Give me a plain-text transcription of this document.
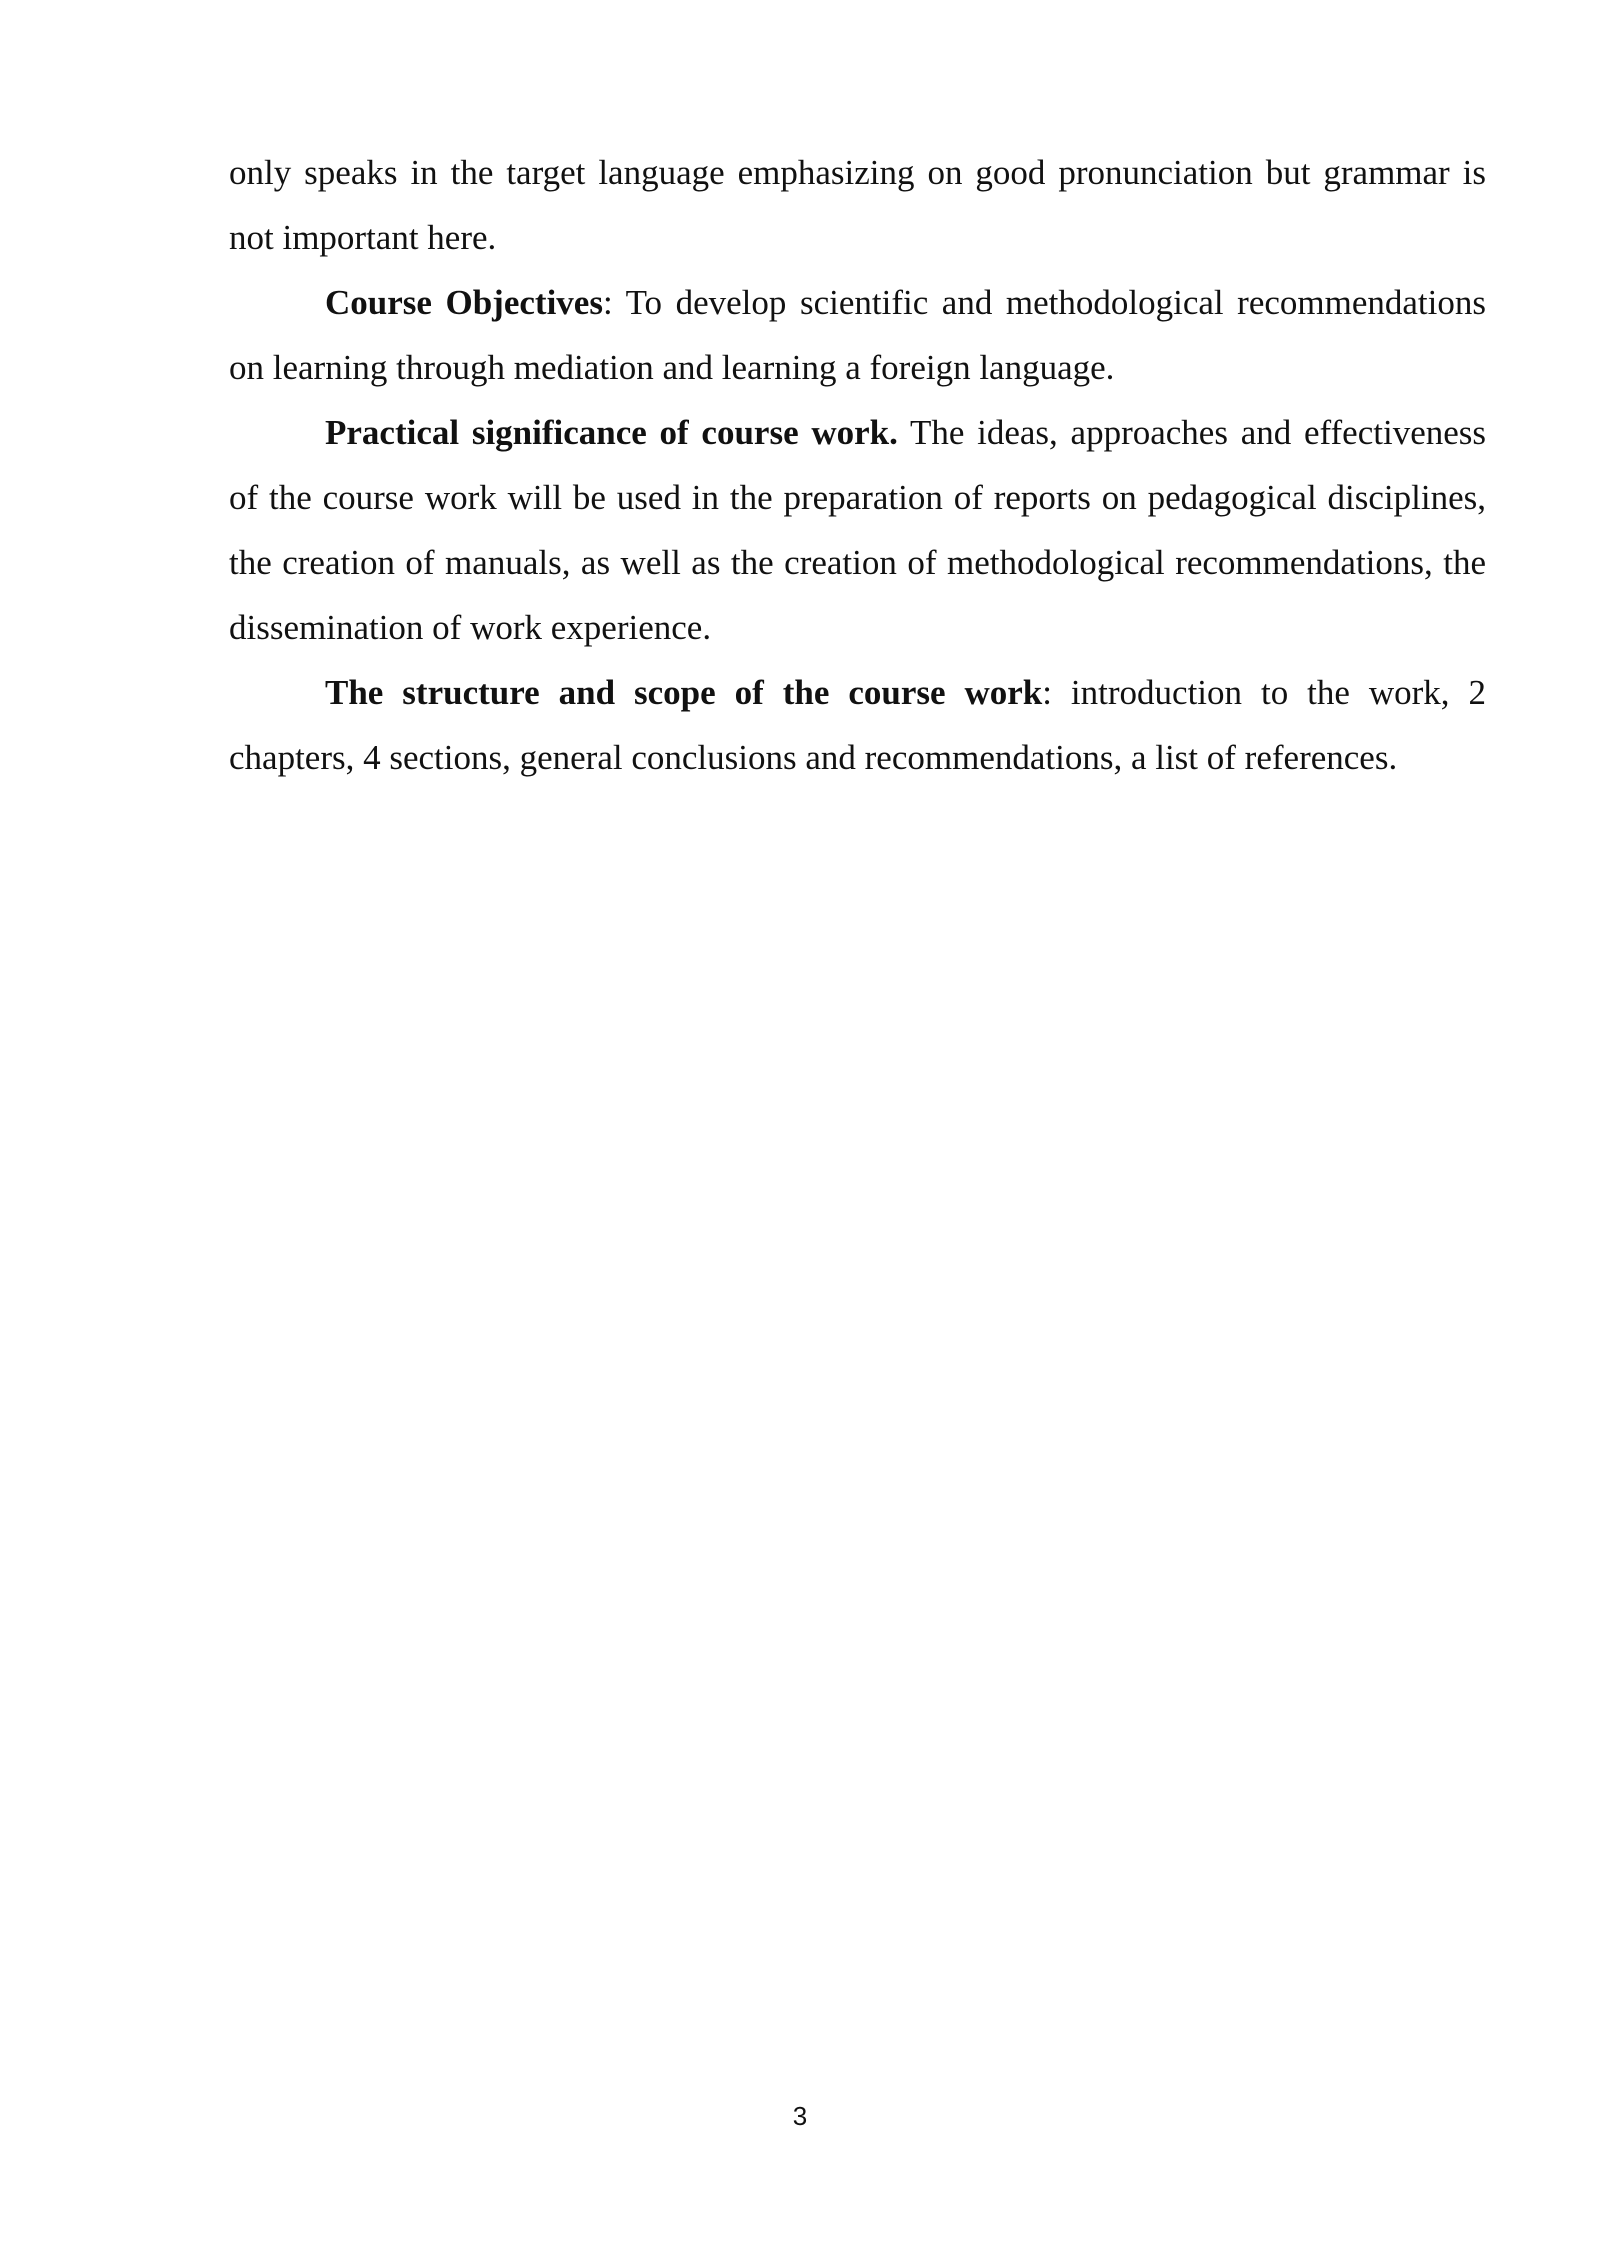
only speaks in the target language emphasizing on good pronunciation but grammar is not important here.

Course Objectives: To develop scientific and methodological recommendations on learning through mediation and learning a foreign language.

Practical significance of course work. The ideas, approaches and effectiveness of the course work will be used in the preparation of reports on pedagogical disciplines, the creation of manuals, as well as the creation of methodological recommendations, the dissemination of work experience.

The structure and scope of the course work: introduction to the work, 2 chapters, 4 sections, general conclusions and recommendations, a list of references.

3
